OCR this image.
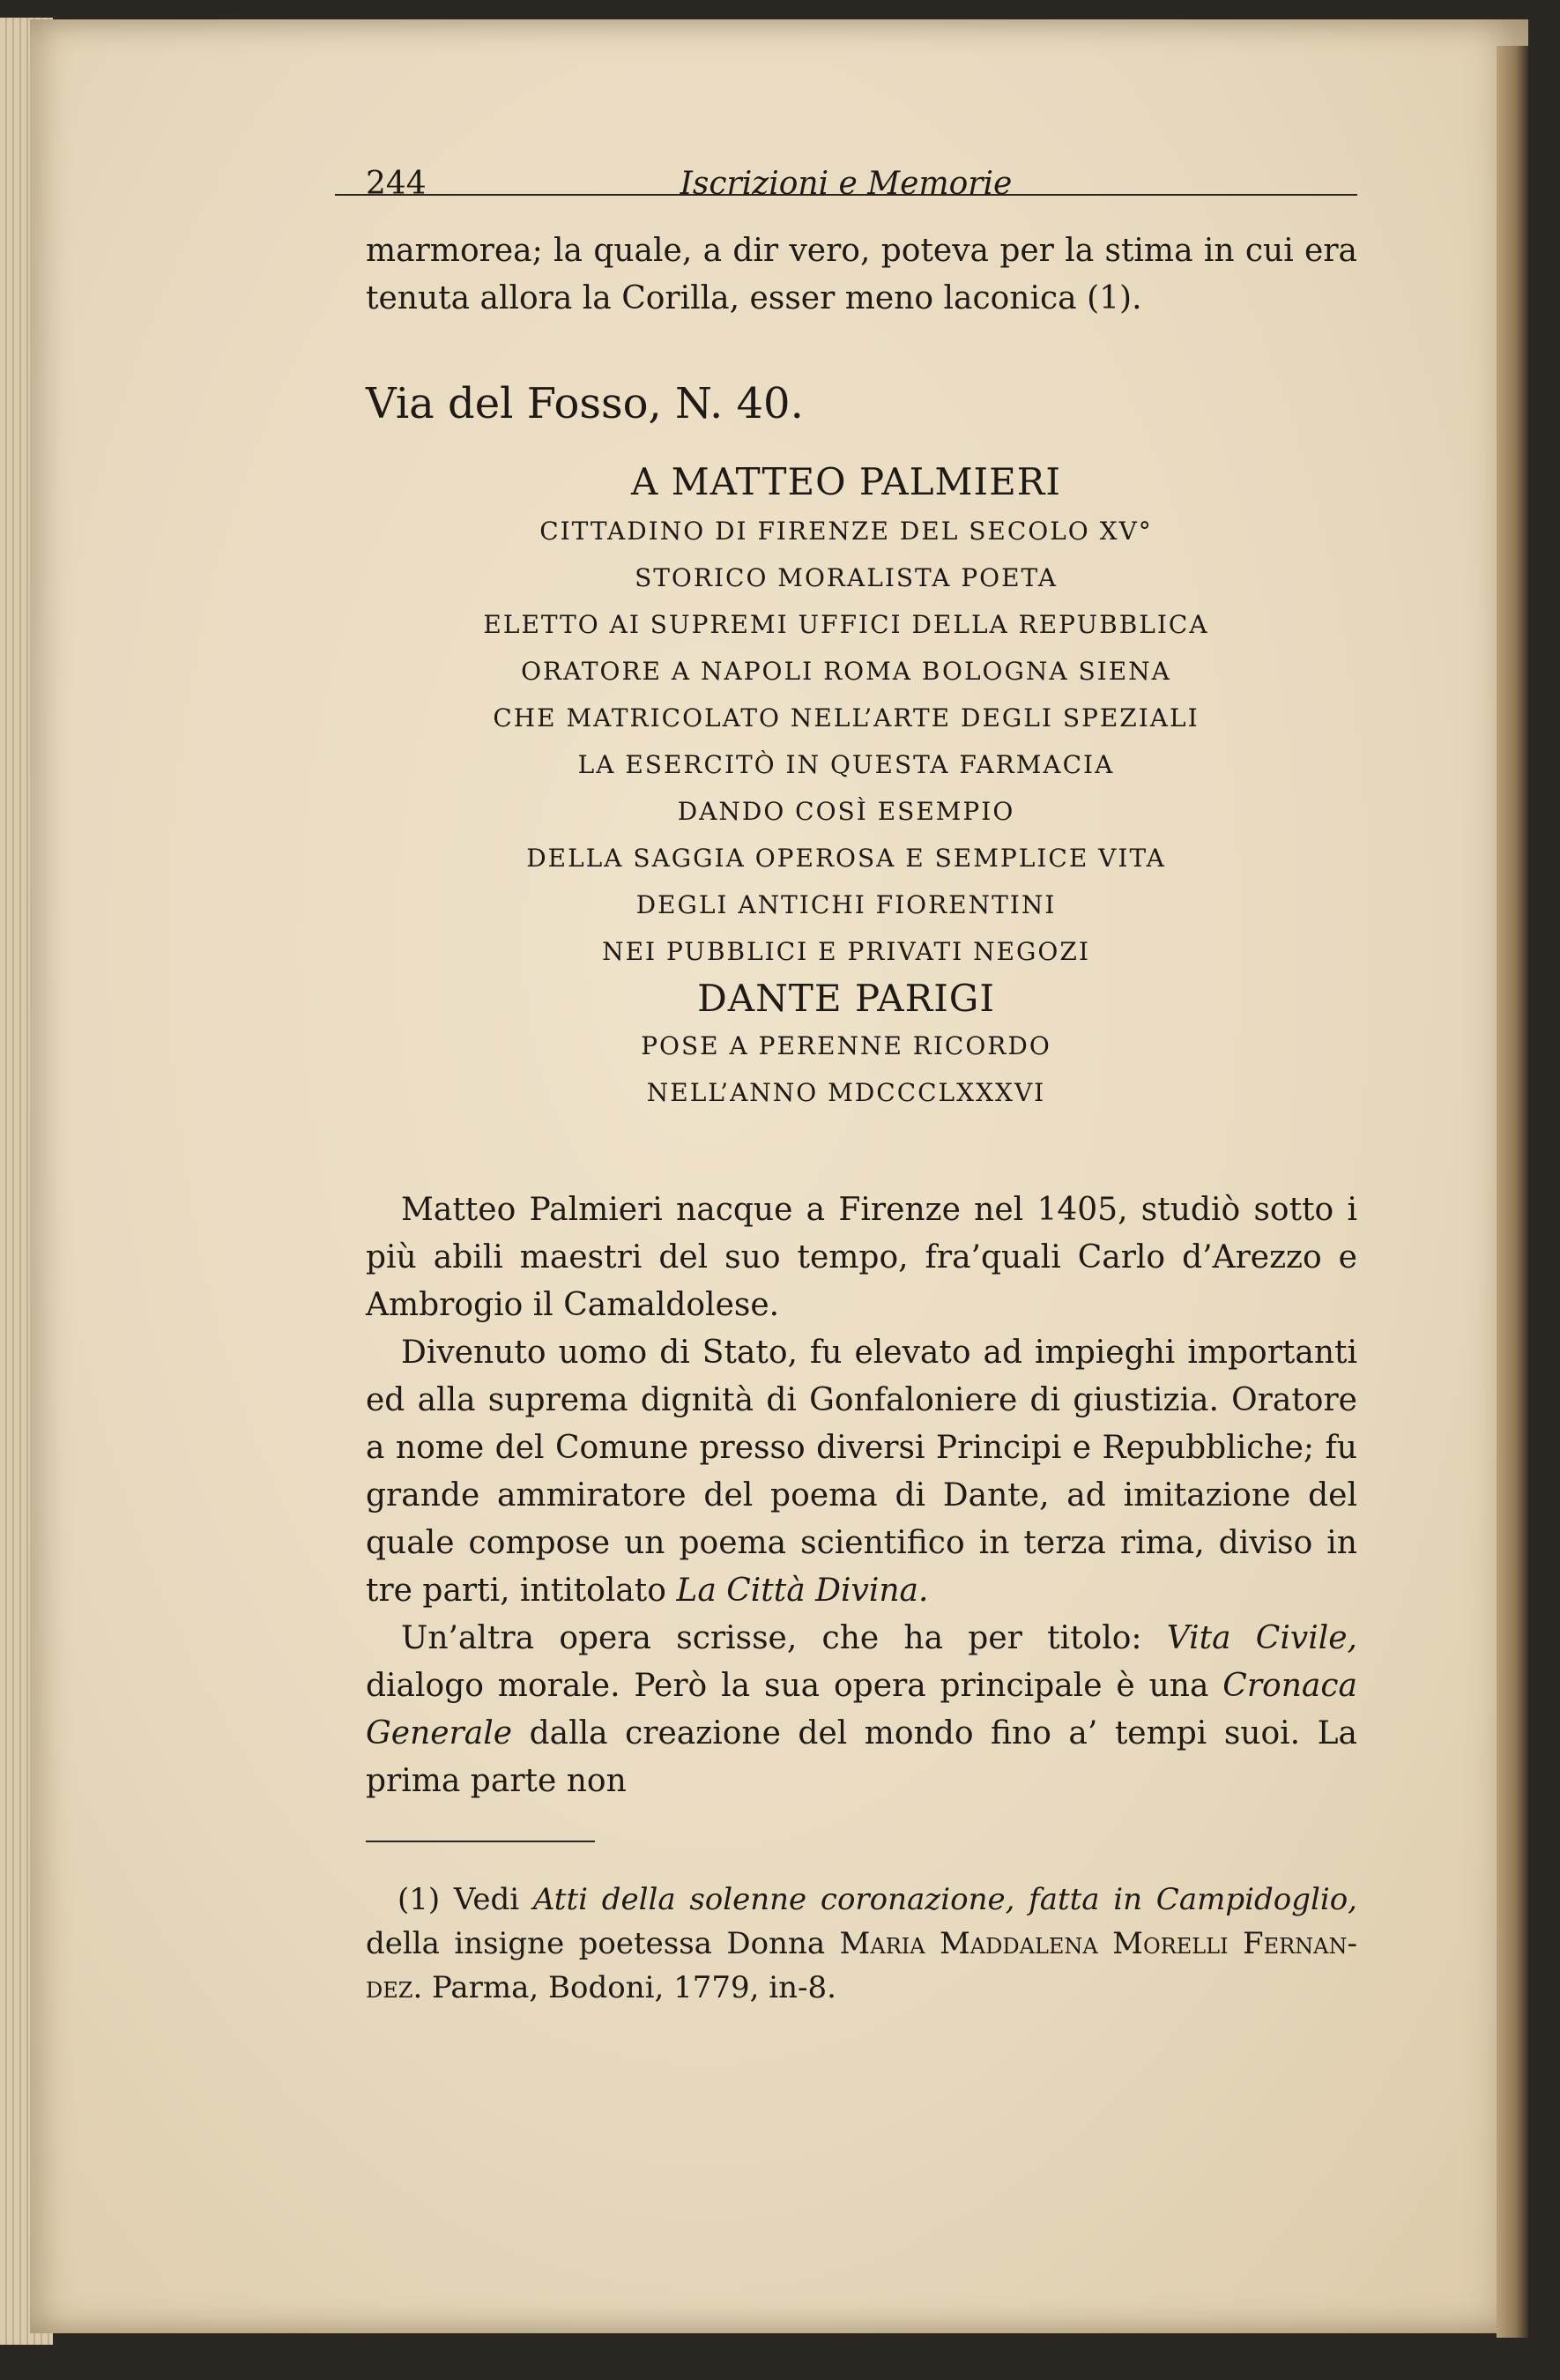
244	Iscrizioni e Memorie

marmorea; la quale, a dir vero, poteva per la stima in cui era tenuta allora la Corilla, esser meno laconica (1).

Via del Fosso, N. 40.
A MATTEO PALMIERI
CITTADINO DI FIRENZE DEL SECOLO XV°
STORICO MORALISTA POETA
ELETTO AI SUPREMI UFFICI DELLA REPUBBLICA
ORATORE A NAPOLI ROMA BOLOGNA SIENA
CHE MATRICOLATO NELL’ARTE DEGLI SPEZIALI
LA ESERCITÒ IN QUESTA FARMACIA
DANDO COSÌ ESEMPIO
DELLA SAGGIA OPEROSA E SEMPLICE VITA
DEGLI ANTICHI FIORENTINI
NEI PUBBLICI E PRIVATI NEGOZI
DANTE PARIGI
POSE A PERENNE RICORDO
NELL’ANNO MDCCCLXXXVI

Matteo Palmieri nacque a Firenze nel 1405, studiò sotto i più abili maestri del suo tempo, fra’quali Carlo d’Arezzo e Ambrogio il Camaldolese.

Divenuto uomo di Stato, fu elevato ad impieghi importanti ed alla suprema dignità di Gonfaloniere di giustizia. Oratore a nome del Comune presso diversi Principi e Repubbliche; fu grande ammiratore del poema di Dante, ad imitazione del quale compose un poema scientifico in terza rima, diviso in tre parti, intitolato La Città Divina.

Un’altra opera scrisse, che ha per titolo: Vita Civile, dialogo morale. Però la sua opera principale è una Cronaca Generale dalla creazione del mondo fino a’ tempi suoi. La prima parte non

(1) Vedi Atti della solenne coronazione, fatta in Campidoglio, della insigne poetessa Donna Maria Maddalena Morelli Fernan-dez. Parma, Bodoni, 1779, in-8.
